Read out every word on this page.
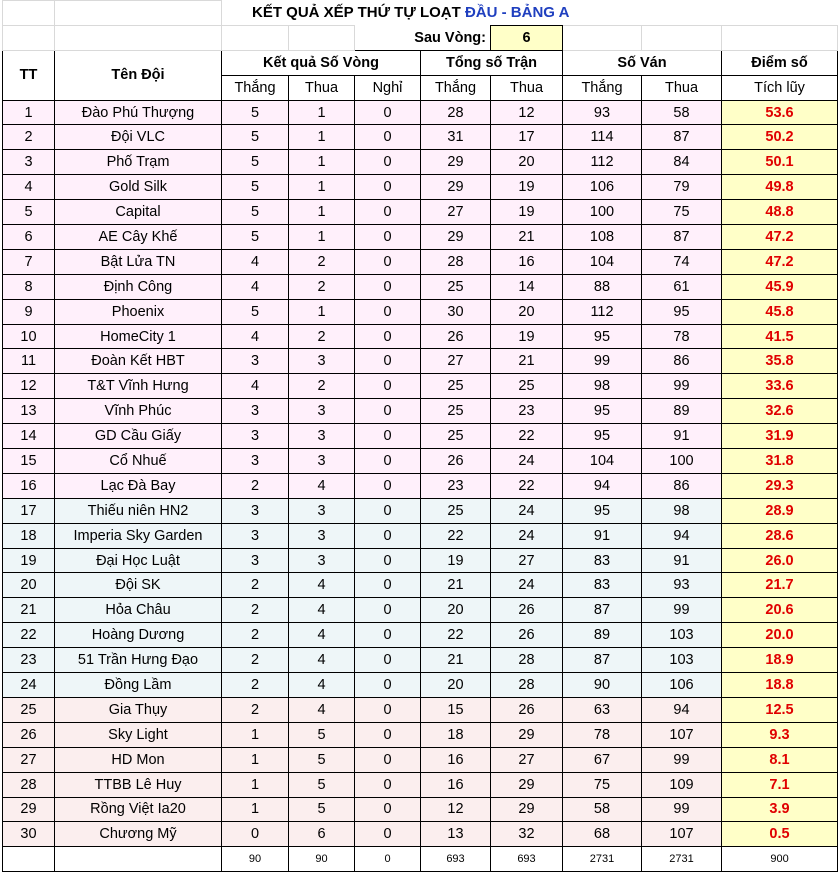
		KẾT QUẢ XẾP THỨ TỰ LOẠT ĐẦU - BẢNG A							
				Sau Vòng:		6			
TT	Tên Đội	Kết quả Số Vòng			Tổng số Trận		Số Ván		Điểm số
		Thắng	Thua	Nghỉ	Thắng	Thua	Thắng	Thua	Tích lũy
1	Đào Phú Thượng	5	1	0	28	12	93	58	53.6
2	Đội VLC	5	1	0	31	17	114	87	50.2
3	Phố Trạm	5	1	0	29	20	112	84	50.1
4	Gold Silk	5	1	0	29	19	106	79	49.8
5	Capital	5	1	0	27	19	100	75	48.8
6	AE Cây Khế	5	1	0	29	21	108	87	47.2
7	Bật Lửa TN	4	2	0	28	16	104	74	47.2
8	Định Công	4	2	0	25	14	88	61	45.9
9	Phoenix	5	1	0	30	20	112	95	45.8
10	HomeCity 1	4	2	0	26	19	95	78	41.5
11	Đoàn Kết HBT	3	3	0	27	21	99	86	35.8
12	T&T Vĩnh Hưng	4	2	0	25	25	98	99	33.6
13	Vĩnh Phúc	3	3	0	25	23	95	89	32.6
14	GD Cầu Giấy	3	3	0	25	22	95	91	31.9
15	Cổ Nhuế	3	3	0	26	24	104	100	31.8
16	Lạc Đà Bay	2	4	0	23	22	94	86	29.3
17	Thiếu niên HN2	3	3	0	25	24	95	98	28.9
18	Imperia Sky Garden	3	3	0	22	24	91	94	28.6
19	Đại Học Luật	3	3	0	19	27	83	91	26.0
20	Đội SK	2	4	0	21	24	83	93	21.7
21	Hỏa Châu	2	4	0	20	26	87	99	20.6
22	Hoàng Dương	2	4	0	22	26	89	103	20.0
23	51 Trần Hưng Đạo	2	4	0	21	28	87	103	18.9
24	Đồng Lầm	2	4	0	20	28	90	106	18.8
25	Gia Thụy	2	4	0	15	26	63	94	12.5
26	Sky Light	1	5	0	18	29	78	107	9.3
27	HD Mon	1	5	0	16	27	67	99	8.1
28	TTBB Lê Huy	1	5	0	16	29	75	109	7.1
29	Rồng Việt Ia20	1	5	0	12	29	58	99	3.9
30	Chương Mỹ	0	6	0	13	32	68	107	0.5
		90	90	0	693	693	2731	2731	900
